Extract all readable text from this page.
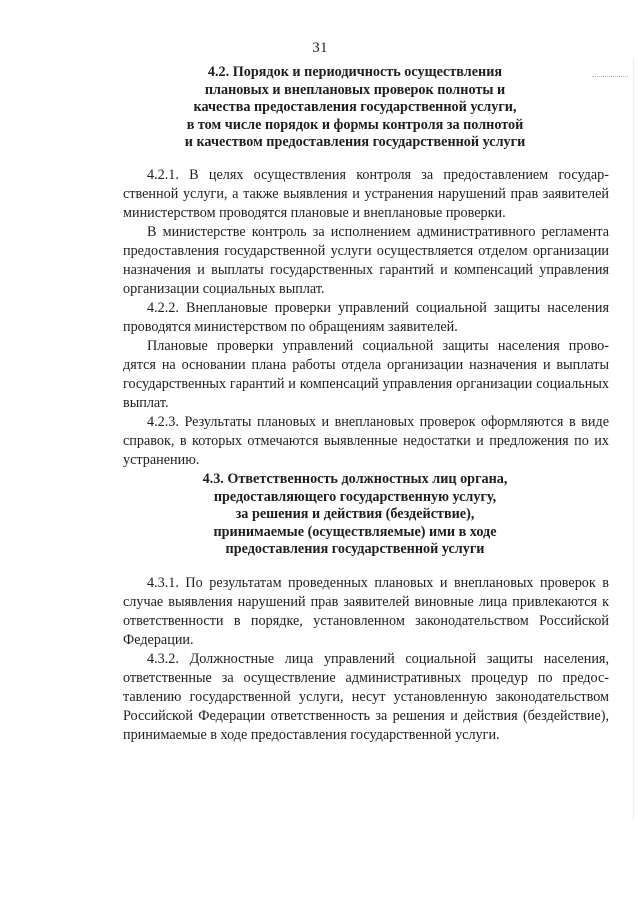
31
4.2. Порядок и периодичность осуществления
плановых и внеплановых проверок полноты и
качества предоставления государственной услуги,
в том числе порядок и формы контроля за полнотой
и качеством предоставления государственной услуги
4.2.1. В целях осуществления контроля за предоставлением государ-
ственной услуги, а также выявления и устранения нарушений прав заявителей
министерством проводятся плановые и внеплановые проверки.
В министерстве контроль за исполнением административного регламента
предоставления государственной услуги осуществляется отделом организации
назначения и выплаты государственных гарантий и компенсаций управления
организации социальных выплат.
4.2.2. Внеплановые проверки управлений социальной защиты населения
проводятся министерством по обращениям заявителей.
Плановые проверки управлений социальной защиты населения прово-
дятся на основании плана работы отдела организации назначения и выплаты
государственных гарантий и компенсаций управления организации социальных
выплат.
4.2.3. Результаты плановых и внеплановых проверок оформляются в виде
справок, в которых отмечаются выявленные недостатки и предложения по их
устранению.
4.3. Ответственность должностных лиц органа,
предоставляющего государственную услугу,
за решения и действия (бездействие),
принимаемые (осуществляемые) ими в ходе
предоставления государственной услуги
4.3.1. По результатам проведенных плановых и внеплановых проверок в
случае выявления нарушений прав заявителей виновные лица привлекаются к
ответственности в порядке, установленном законодательством Российской
Федерации.
4.3.2. Должностные лица управлений социальной защиты населения,
ответственные за осуществление административных процедур по предос-
тавлению государственной услуги, несут установленную законодательством
Российской Федерации ответственность за решения и действия (бездействие),
принимаемые в ходе предоставления государственной услуги.
